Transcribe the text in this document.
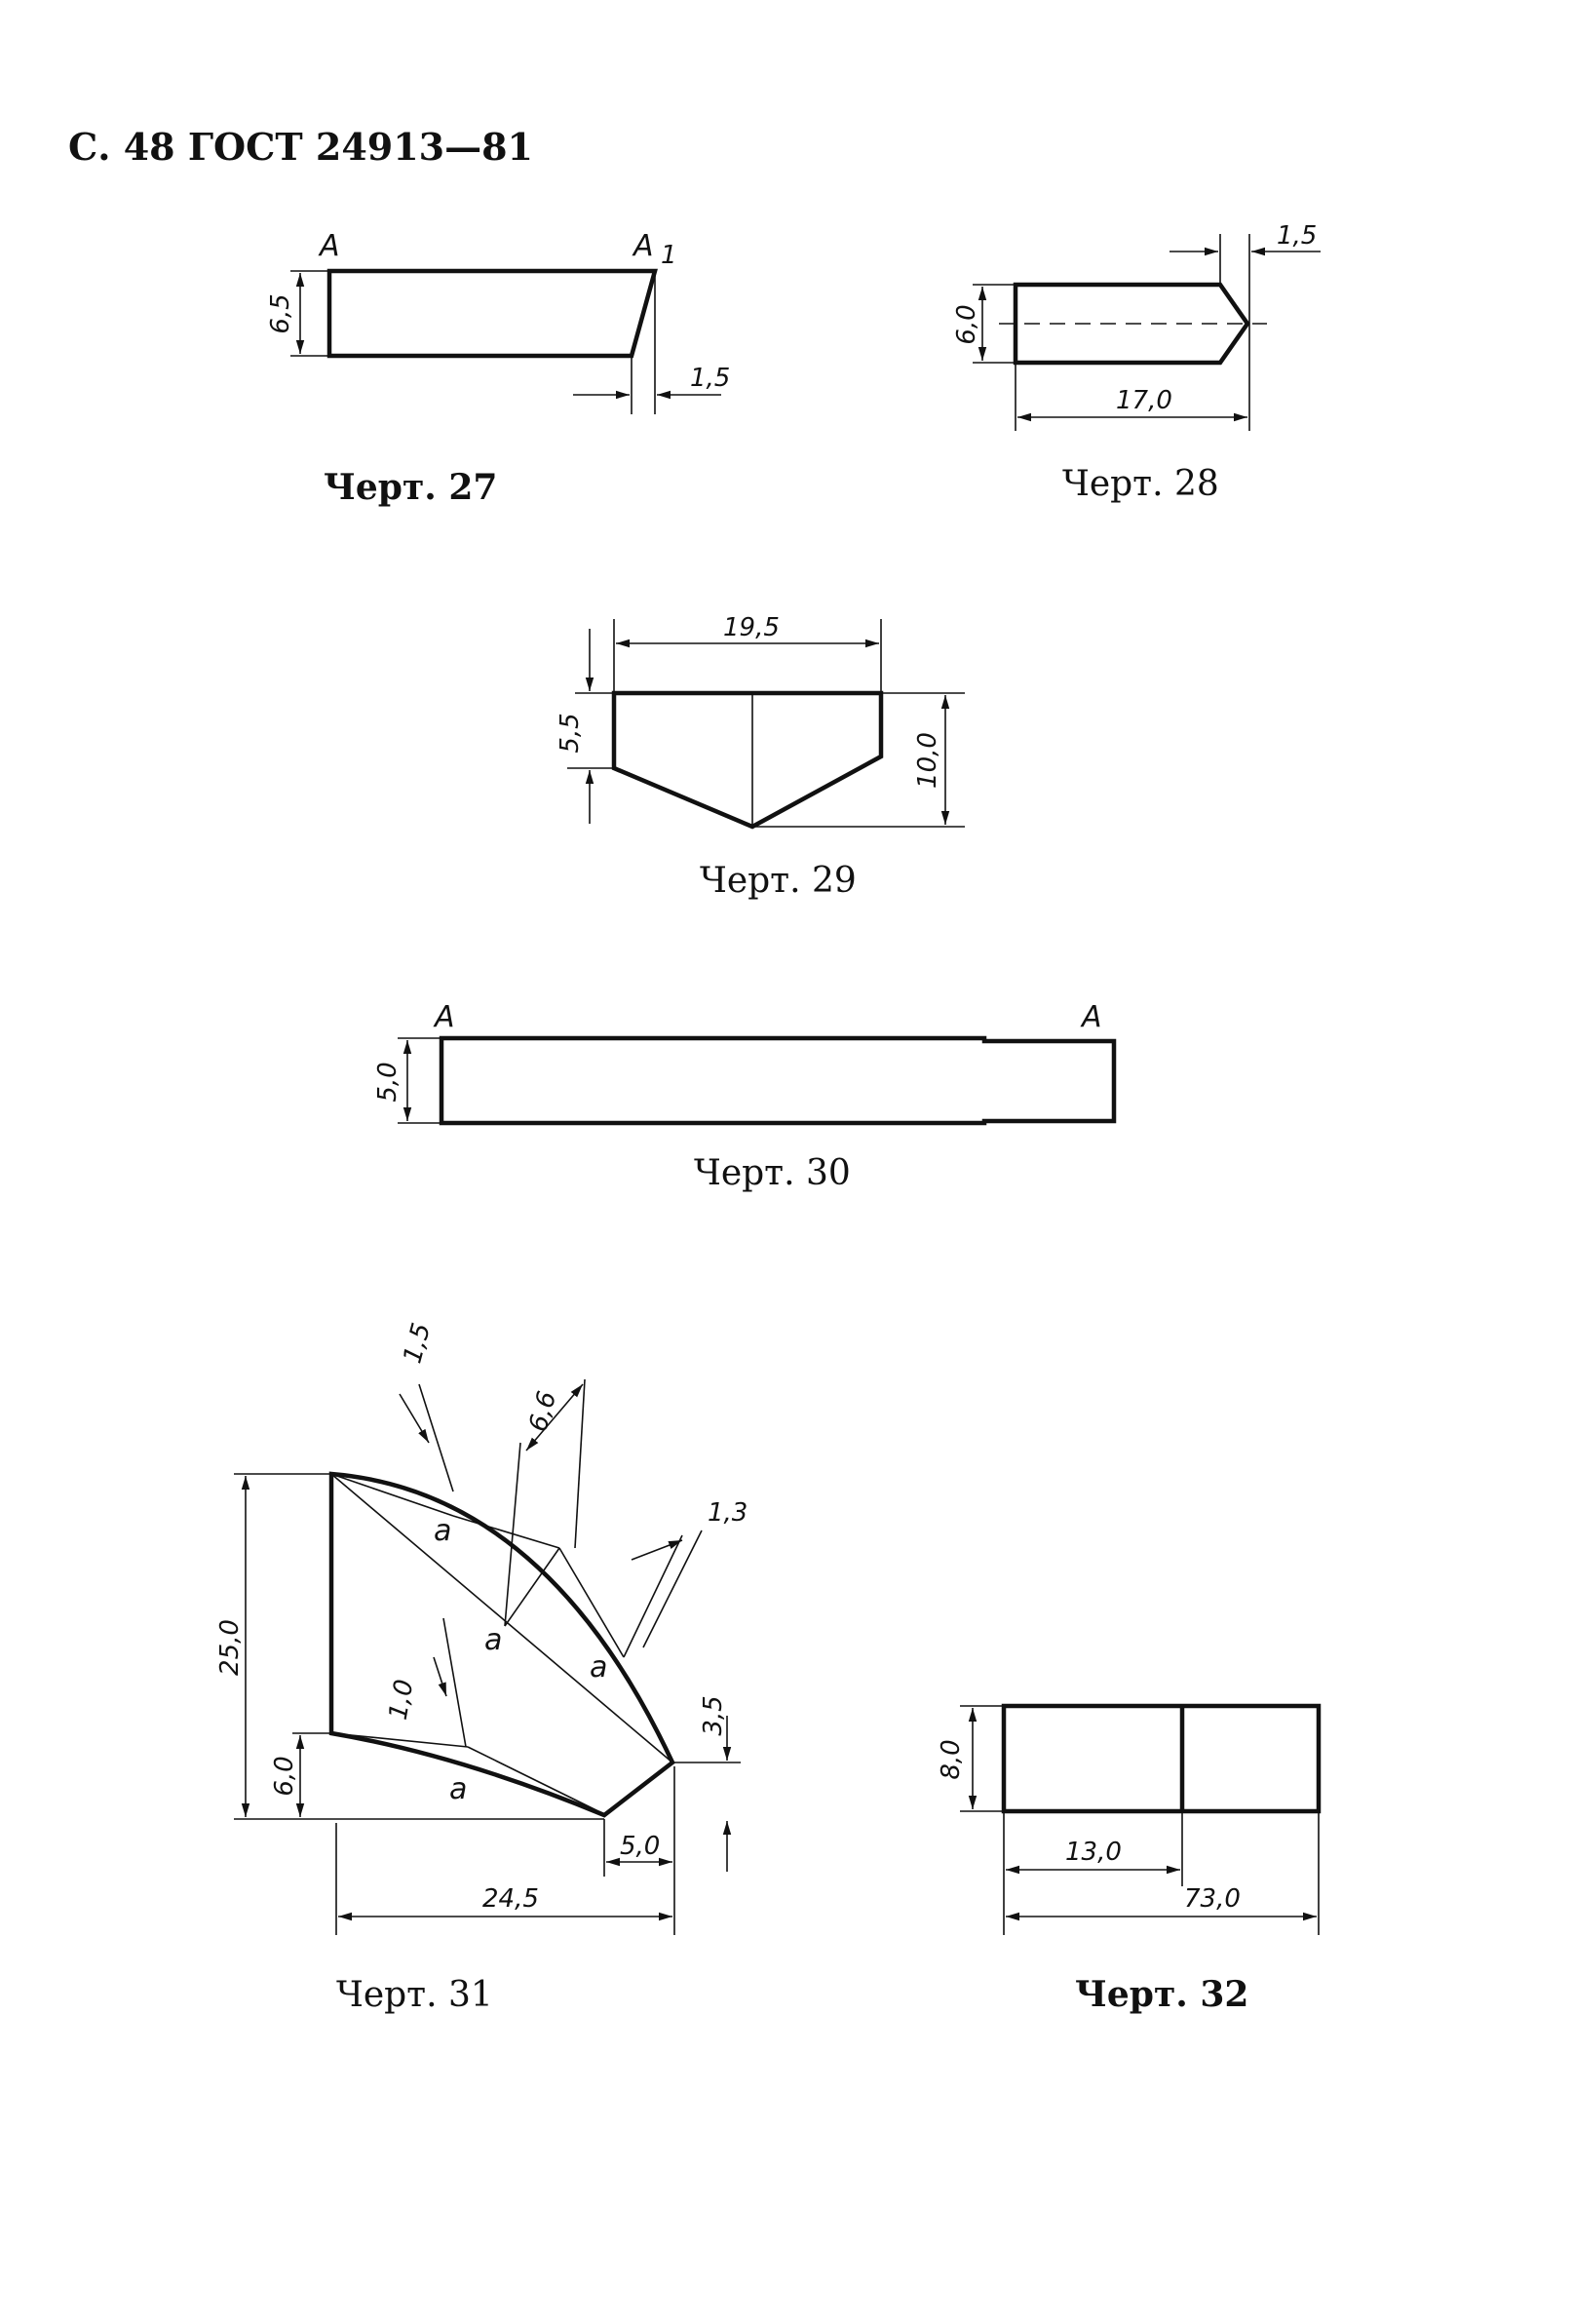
С. 48 ГОСТ 24913—81
A	A 1
6,5
1,5
Черт. 27
6,0
17,0
1,5
Черт. 28
19,5
5,5	10,0
Черт. 29
A	A
5,0
Черт. 30
25,0
6,0
24,5
5,0
3,5
1,5
6,6
1,3
1,0
a
a
a
a
Черт. 31
8,0
13,0
73,0
Черт. 32
